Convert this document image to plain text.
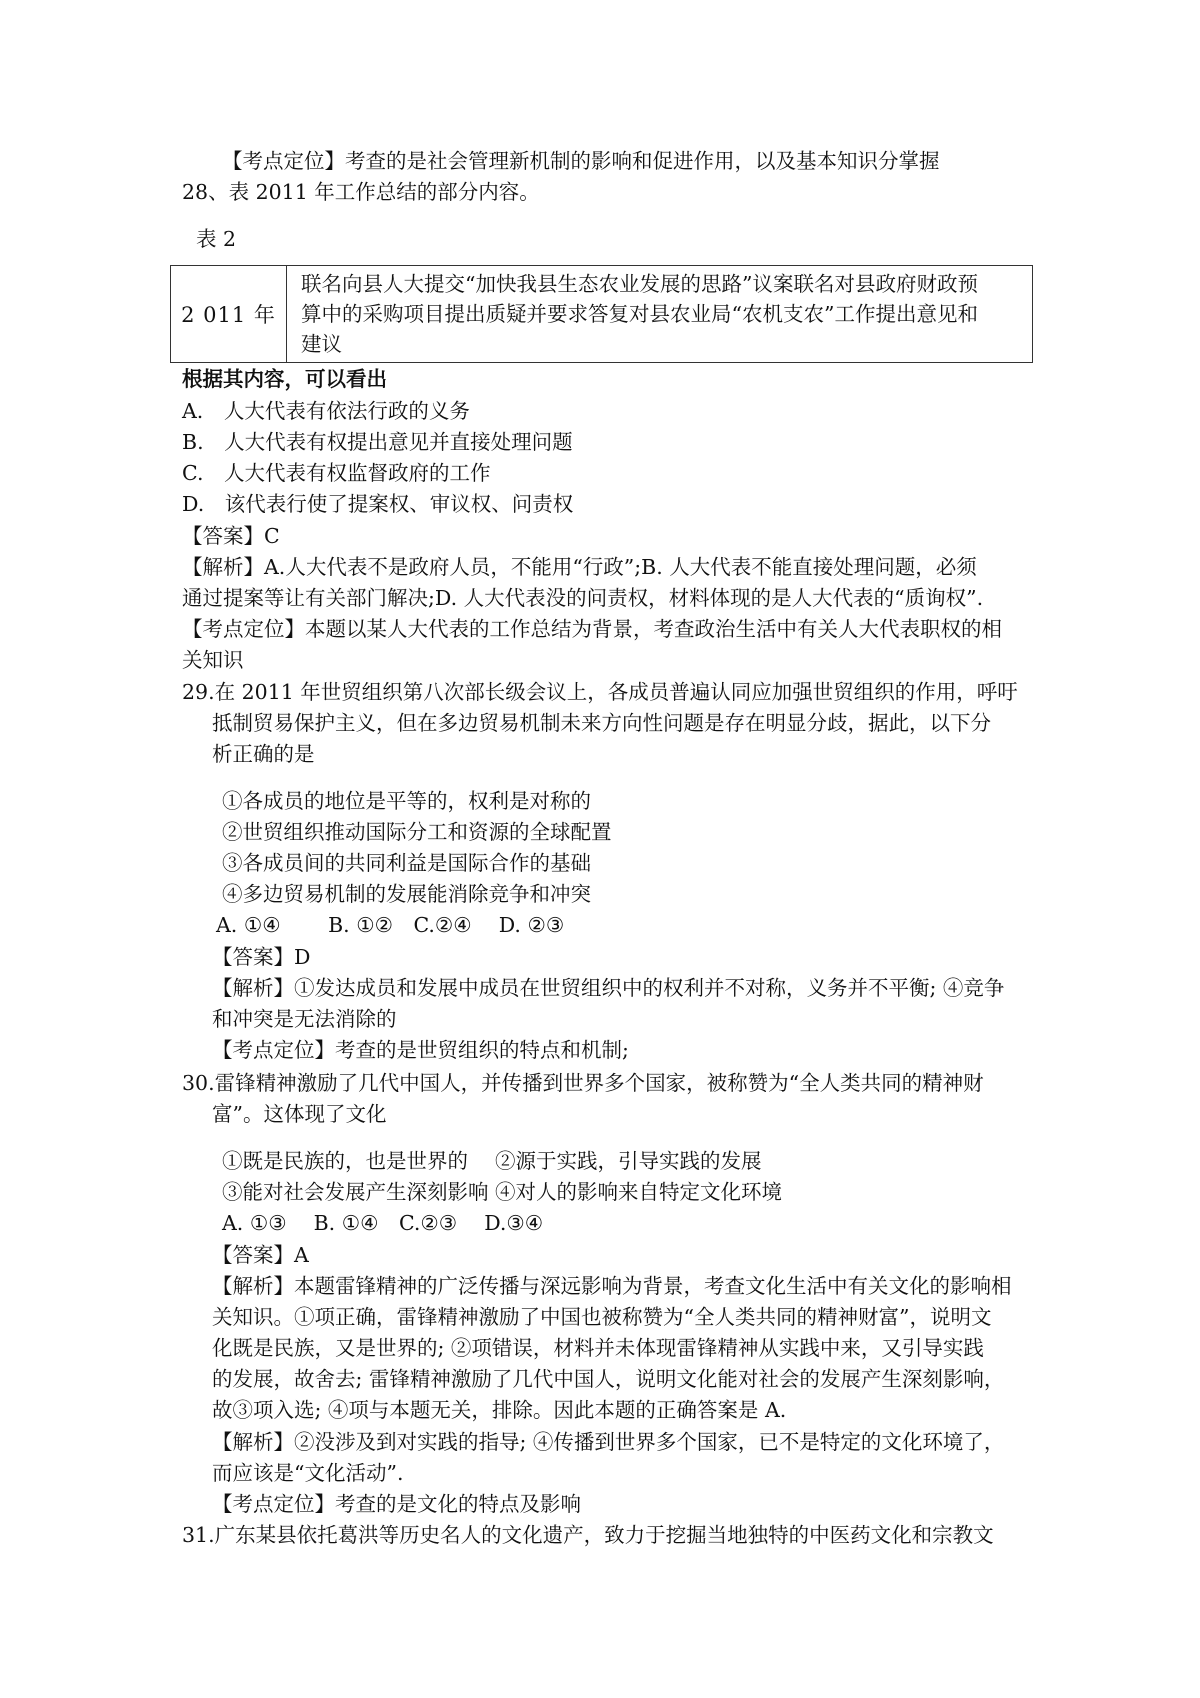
【考点定位】考查的是社会管理新机制的影响和促进作用，以及基本知识分掌握
28、表 2011 年工作总结的部分内容。
表 2
2 011 年	
联名向县人大提交“加快我县生态农业发展的思路”议案联名对县政府财政预
算中的采购项目提出质疑并要求答复对县农业局“农机支农”工作提出意见和
建议
根据其内容，可以看出
A.　人大代表有依法行政的义务
B.　人大代表有权提出意见并直接处理问题
C.　人大代表有权监督政府的工作
D.　该代表行使了提案权、审议权、问责权
【答案】C
【解析】A.人大代表不是政府人员，不能用“行政”;B. 人大代表不能直接处理问题，必须
通过提案等让有关部门解决;D. 人大代表没的问责权，材料体现的是人大代表的“质询权”.
【考点定位】本题以某人大代表的工作总结为背景，考查政治生活中有关人大代表职权的相
关知识
29.在 2011 年世贸组织第八次部长级会议上，各成员普遍认同应加强世贸组织的作用，呼吁
抵制贸易保护主义，但在多边贸易机制未来方向性问题是存在明显分歧，据此，以下分
析正确的是
①各成员的地位是平等的，权利是对称的
②世贸组织推动国际分工和资源的全球配置
③各成员间的共同利益是国际合作的基础
④多边贸易机制的发展能消除竞争和冲突
A. ①④　　 B. ①②　C.②④　 D. ②③
【答案】D
【解析】①发达成员和发展中成员在世贸组织中的权利并不对称，义务并不平衡; ④竞争
和冲突是无法消除的
【考点定位】考查的是世贸组织的特点和机制;
30.雷锋精神激励了几代中国人，并传播到世界多个国家，被称赞为“全人类共同的精神财
富”。这体现了文化
①既是民族的，也是世界的　 ②源于实践，引导实践的发展
③能对社会发展产生深刻影响 ④对人的影响来自特定文化环境
A. ①③　 B. ①④　C.②③　 D.③④
【答案】A
【解析】本题雷锋精神的广泛传播与深远影响为背景，考查文化生活中有关文化的影响相
关知识。①项正确，雷锋精神激励了中国也被称赞为“全人类共同的精神财富”，说明文
化既是民族，又是世界的; ②项错误，材料并未体现雷锋精神从实践中来，又引导实践
的发展，故舍去; 雷锋精神激励了几代中国人，说明文化能对社会的发展产生深刻影响，
故③项入选; ④项与本题无关，排除。因此本题的正确答案是 A.
【解析】②没涉及到对实践的指导; ④传播到世界多个国家，已不是特定的文化环境了，
而应该是“文化活动”.
【考点定位】考查的是文化的特点及影响
31.广东某县依托葛洪等历史名人的文化遗产，致力于挖掘当地独特的中医药文化和宗教文
